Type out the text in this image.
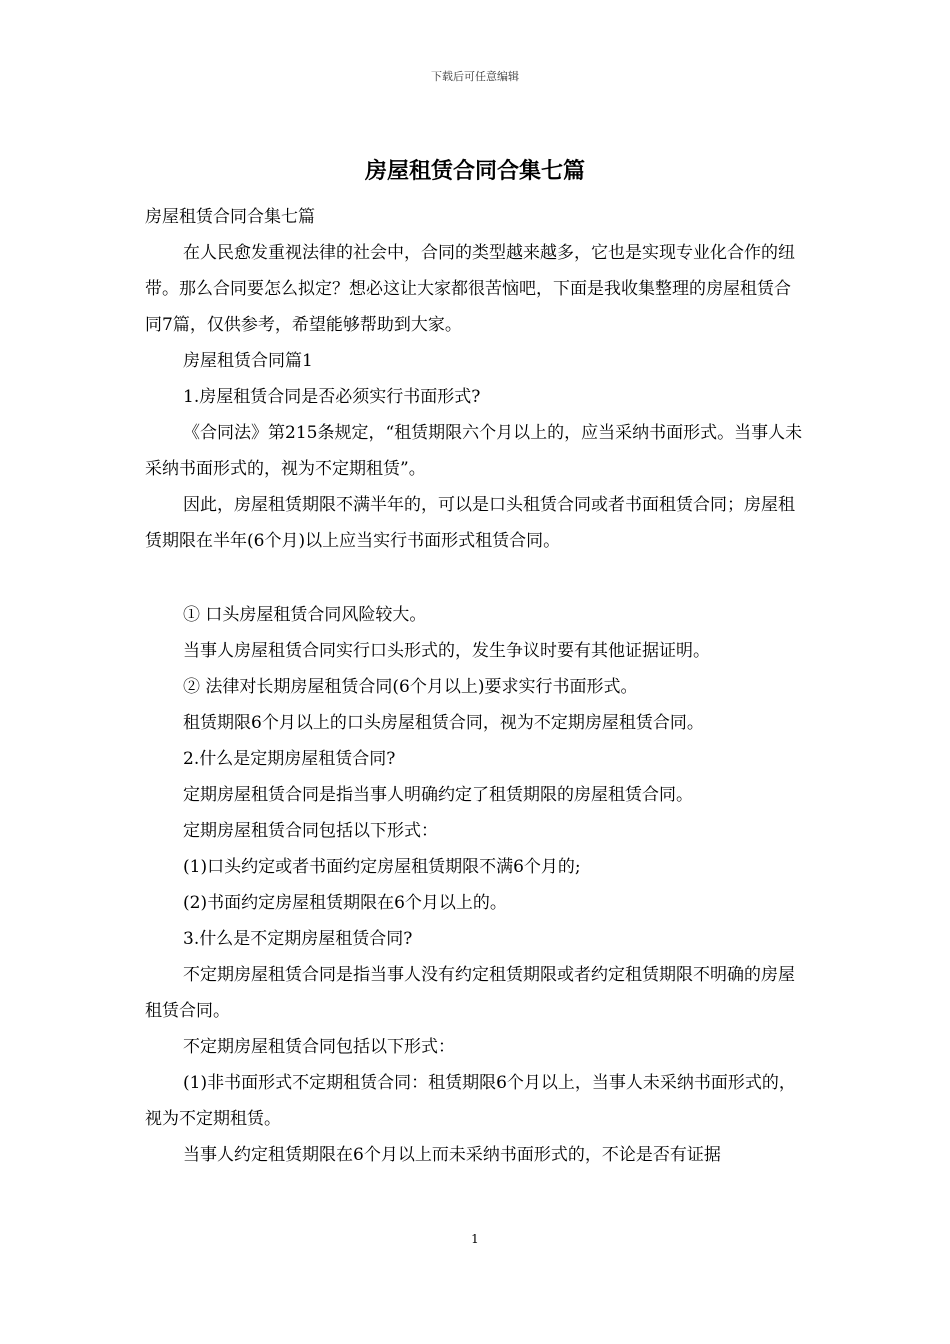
下载后可任意编辑
房屋租赁合同合集七篇

房屋租赁合同合集七篇

在人民愈发重视法律的社会中，合同的类型越来越多，它也是实现专业化合作的纽带。那么合同要怎么拟定？想必这让大家都很苦恼吧，下面是我收集整理的房屋租赁合同7篇，仅供参考，希望能够帮助到大家。

房屋租赁合同篇1

1.房屋租赁合同是否必须实行书面形式?

《合同法》第215条规定，“租赁期限六个月以上的，应当采纳书面形式。当事人未采纳书面形式的，视为不定期租赁”。

因此，房屋租赁期限不满半年的，可以是口头租赁合同或者书面租赁合同；房屋租赁期限在半年(6个月)以上应当实行书面形式租赁合同。

① 口头房屋租赁合同风险较大。

当事人房屋租赁合同实行口头形式的，发生争议时要有其他证据证明。

② 法律对长期房屋租赁合同(6个月以上)要求实行书面形式。

租赁期限6个月以上的口头房屋租赁合同，视为不定期房屋租赁合同。

2.什么是定期房屋租赁合同?

定期房屋租赁合同是指当事人明确约定了租赁期限的房屋租赁合同。

定期房屋租赁合同包括以下形式：

(1)口头约定或者书面约定房屋租赁期限不满6个月的;

(2)书面约定房屋租赁期限在6个月以上的。

3.什么是不定期房屋租赁合同?

不定期房屋租赁合同是指当事人没有约定租赁期限或者约定租赁期限不明确的房屋租赁合同。

不定期房屋租赁合同包括以下形式：

(1)非书面形式不定期租赁合同：租赁期限6个月以上，当事人未采纳书面形式的，视为不定期租赁。

当事人约定租赁期限在6个月以上而未采纳书面形式的，不论是否有证据

1
